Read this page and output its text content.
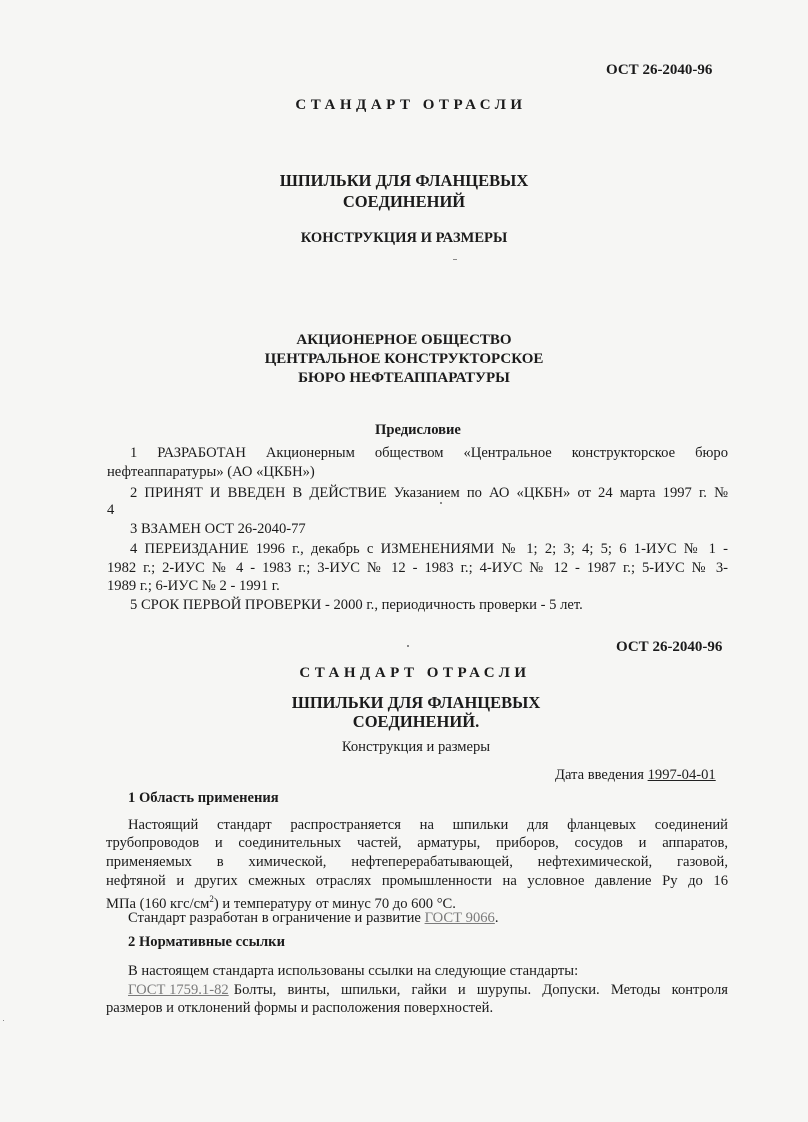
ОСТ 26-2040-96
СТАНДАРТ ОТРАСЛИ
ШПИЛЬКИ ДЛЯ ФЛАНЦЕВЫХ
СОЕДИНЕНИЙ
КОНСТРУКЦИЯ И РАЗМЕРЫ
АКЦИОНЕРНОЕ ОБЩЕСТВО
ЦЕНТРАЛЬНОЕ КОНСТРУКТОРСКОЕ
БЮРО НЕФТЕАППАРАТУРЫ
Предисловие
1 РАЗРАБОТАН Акционерным обществом «Центральное конструкторское бюро
нефтеаппаратуры» (АО «ЦКБН»)
2 ПРИНЯТ И ВВЕДЕН В ДЕЙСТВИЕ Указанием по АО «ЦКБН» от 24 марта 1997 г. №
4
3 ВЗАМЕН ОСТ 26-2040-77
4 ПЕРЕИЗДАНИЕ 1996 г., декабрь с ИЗМЕНЕНИЯМИ № 1; 2; 3; 4; 5; 6 1-ИУС № 1 -
1982 г.; 2-ИУС № 4 - 1983 г.; 3-ИУС № 12 - 1983 г.; 4-ИУС № 12 - 1987 г.; 5-ИУС № 3-
1989 г.; 6-ИУС № 2 - 1991 г.
5 СРОК ПЕРВОЙ ПРОВЕРКИ - 2000 г., периодичность проверки - 5 лет.
ОСТ 26-2040-96
СТАНДАРТ ОТРАСЛИ
ШПИЛЬКИ ДЛЯ ФЛАНЦЕВЫХ
СОЕДИНЕНИЙ.
Конструкция и размеры
Дата введения 1997-04-01
1 Область применения
Настоящий стандарт распространяется на шпильки для фланцевых соединений
трубопроводов и соединительных частей, арматуры, приборов, сосудов и аппаратов,
применяемых в химической, нефтеперерабатывающей, нефтехимической, газовой,
нефтяной и других смежных отраслях промышленности на условное давление Ру до 16
МПа (160 кгс/$см^2$) и температуру от минус 70 до 600 °С.
Стандарт разработан в ограничение и развитие ГОСТ 9066.
2 Нормативные ссылки
В настоящем стандарта использованы ссылки на следующие стандарты:
ГОСТ 1759.1-82 Болты, винты, шпильки, гайки и шурупы. Допуски. Методы контроля
размеров и отклонений формы и расположения поверхностей.
